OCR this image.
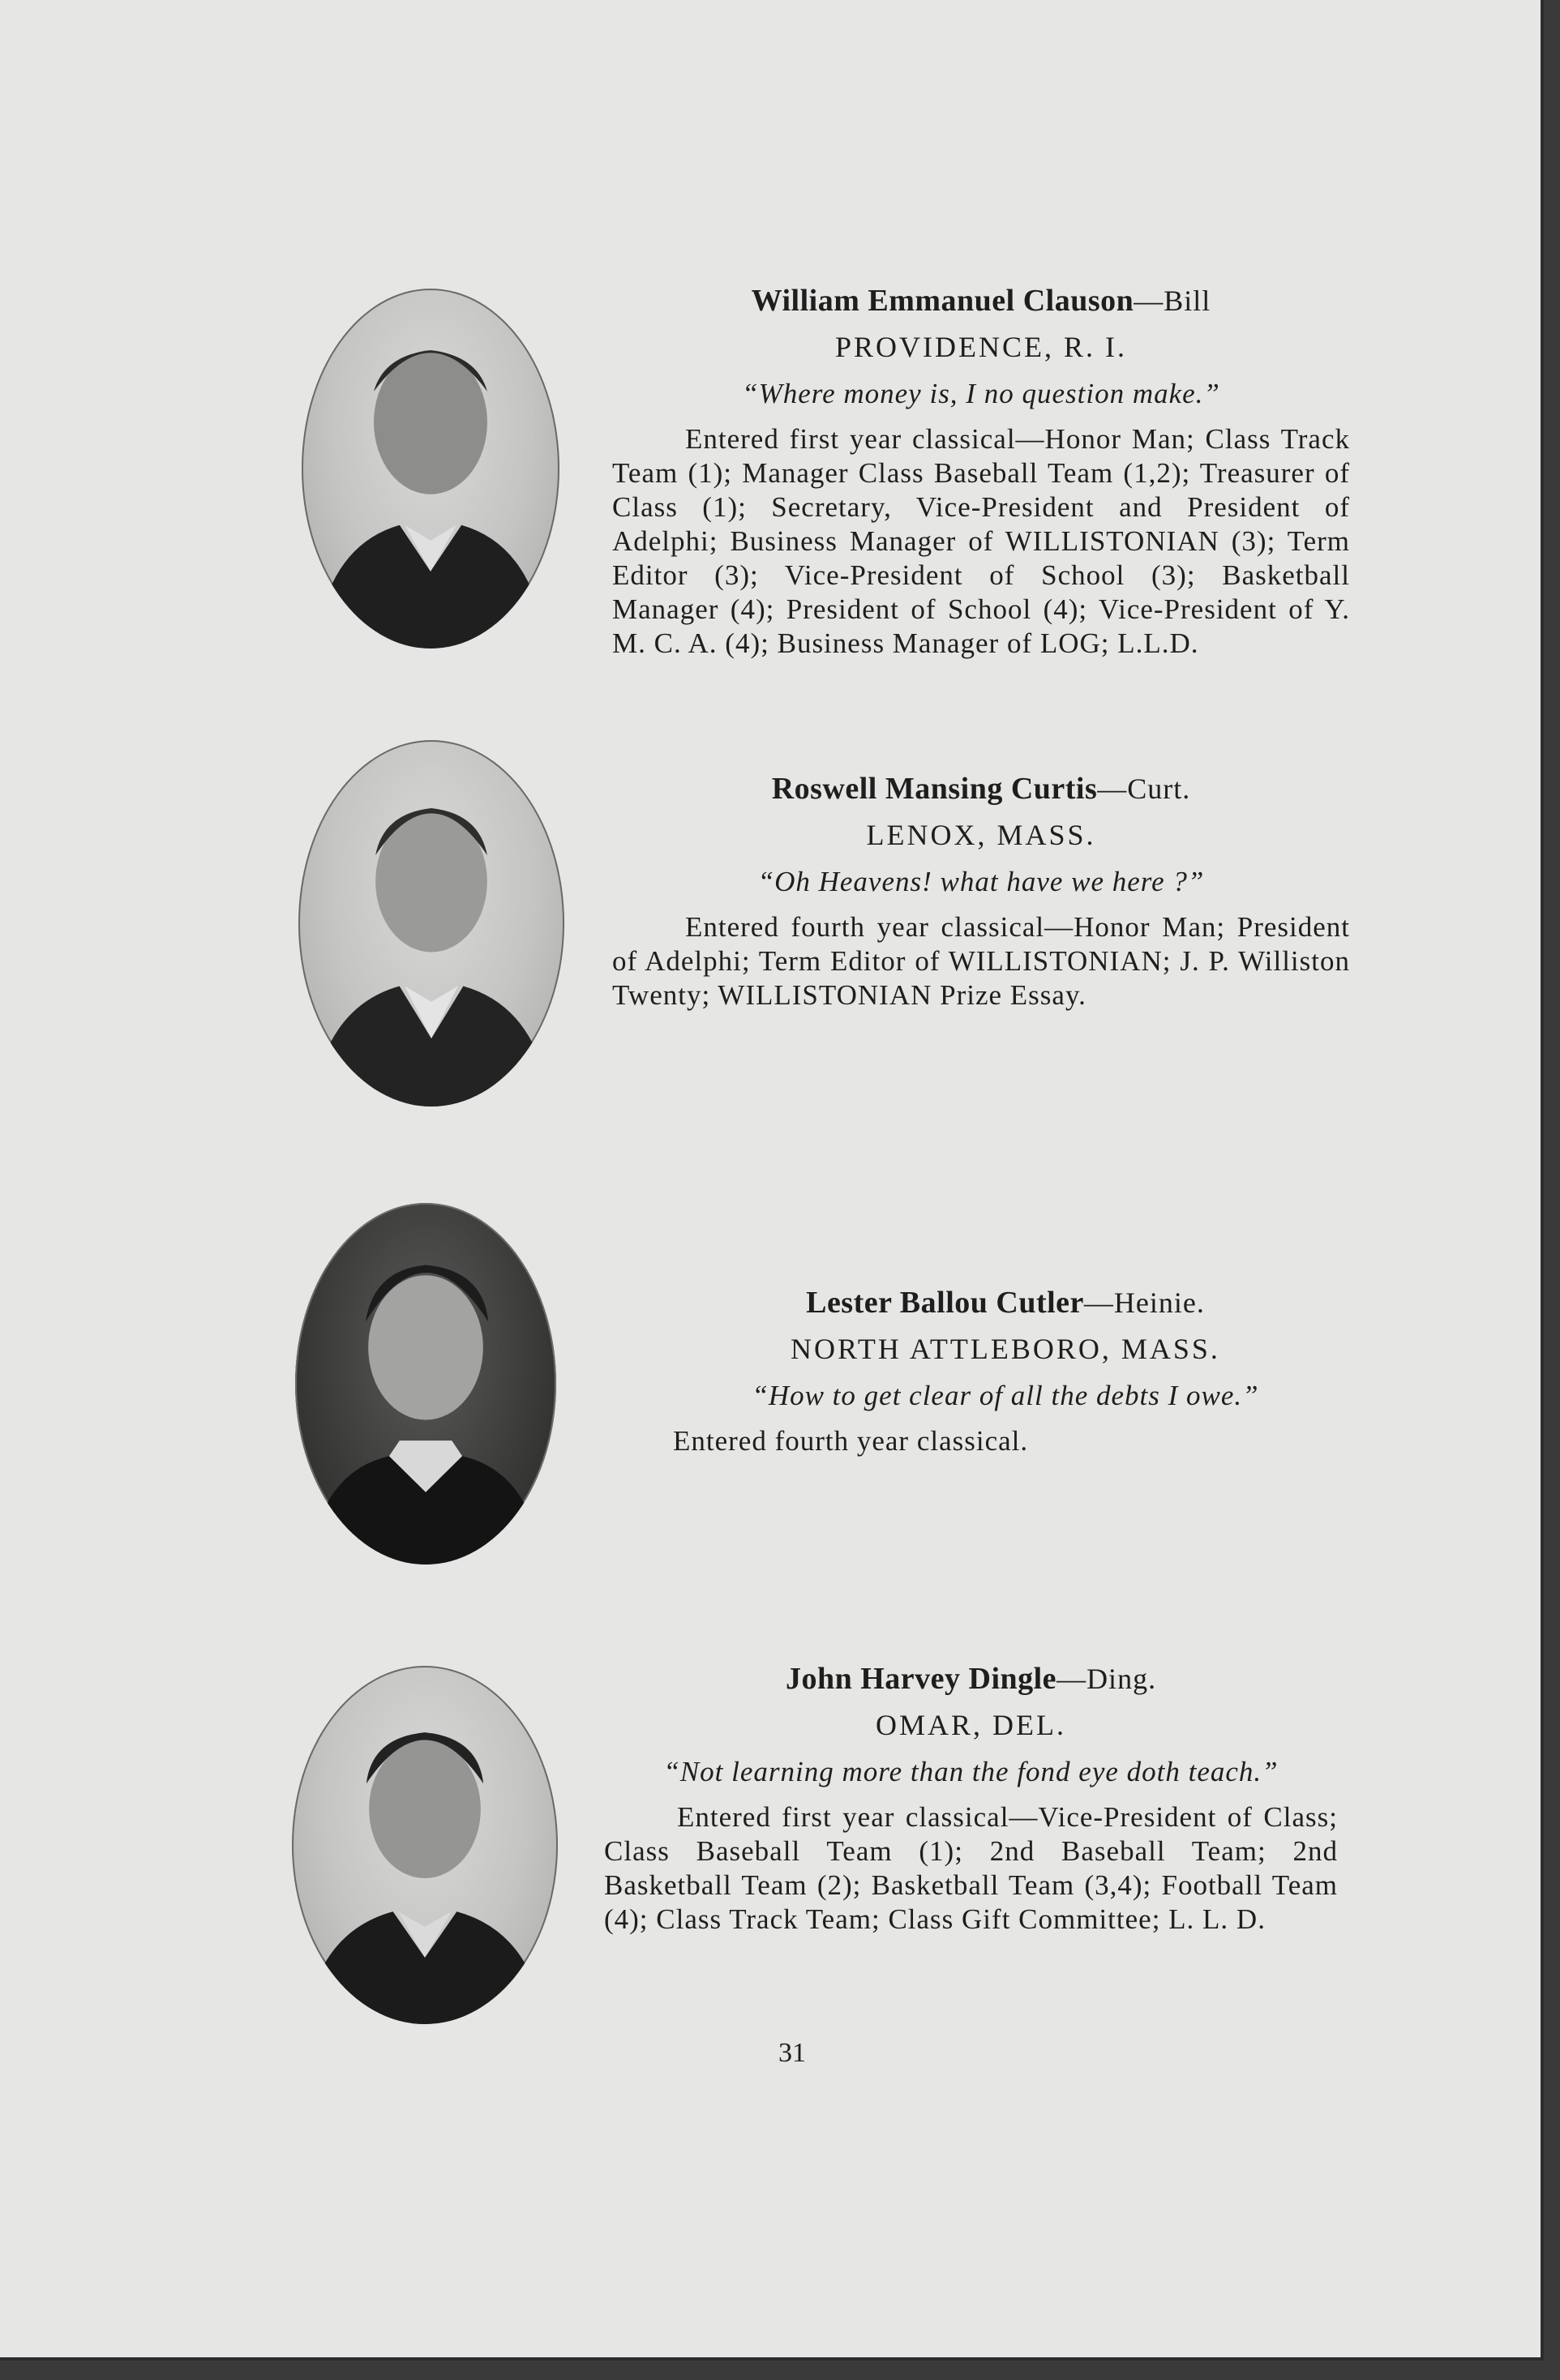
William Emmanuel Clauson—Bill
PROVIDENCE, R. I.
“Where money is, I no question make.”

Entered first year classical—Honor Man; Class Track Team (1); Manager Class Baseball Team (1,2); Treasurer of Class (1); Secretary, Vice-President and President of Adelphi; Business Manager of WILLISTONIAN (3); Term Editor (3); Vice-President of School (3); Basketball Manager (4); President of School (4); Vice-President of Y. M. C. A. (4); Business Manager of LOG; L.L.D.

Roswell Mansing Curtis—Curt.
LENOX, MASS.
“Oh Heavens! what have we here ?”

Entered fourth year classical—Honor Man; President of Adelphi; Term Editor of WILLISTONIAN; J. P. Williston Twenty; WILLISTONIAN Prize Essay.

Lester Ballou Cutler—Heinie.
NORTH ATTLEBORO, MASS.
“How to get clear of all the debts I owe.”

Entered fourth year classical.

John Harvey Dingle—Ding.
OMAR, DEL.
“Not learning more than the fond eye doth teach.”

Entered first year classical—Vice-President of Class; Class Baseball Team (1); 2nd Baseball Team; 2nd Basketball Team (2); Basketball Team (3,4); Football Team (4); Class Track Team; Class Gift Committee; L. L. D.

31
